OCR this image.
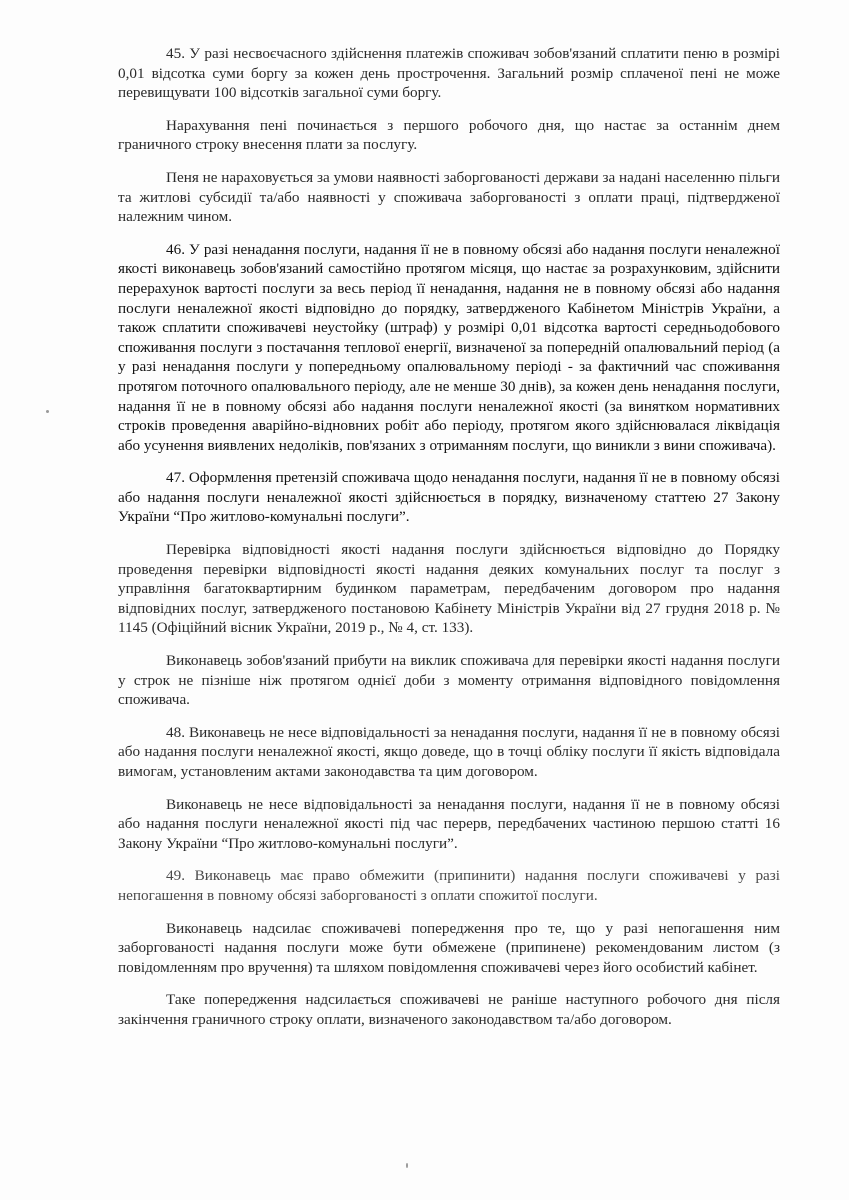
45. У разі несвоєчасного здійснення платежів споживач зобов'язаний сплатити пеню в розмірі 0,01 відсотка суми боргу за кожен день прострочення. Загальний розмір сплаченої пені не може перевищувати 100 відсотків загальної суми боргу.

Нарахування пені починається з першого робочого дня, що настає за останнім днем граничного строку внесення плати за послугу.

Пеня не нараховується за умови наявності заборгованості держави за надані населенню пільги та житлові субсидії та/або наявності у споживача заборгованості з оплати праці, підтвердженої належним чином.

46. У разі ненадання послуги, надання її не в повному обсязі або надання послуги неналежної якості виконавець зобов'язаний самостійно протягом місяця, що настає за розрахунковим, здійснити перерахунок вартості послуги за весь період її ненадання, надання не в повному обсязі або надання послуги неналежної якості відповідно до порядку, затвердженого Кабінетом Міністрів України, а також сплатити споживачеві неустойку (штраф) у розмірі 0,01 відсотка вартості середньодобового споживання послуги з постачання теплової енергії, визначеної за попередній опалювальний період (а у разі ненадання послуги у попередньому опалювальному періоді - за фактичний час споживання протягом поточного опалювального періоду, але не менше 30 днів), за кожен день ненадання послуги, надання її не в повному обсязі або надання послуги неналежної якості (за винятком нормативних строків проведення аварійно-відновних робіт або періоду, протягом якого здійснювалася ліквідація або усунення виявлених недоліків, пов'язаних з отриманням послуги, що виникли з вини споживача).

47. Оформлення претензій споживача щодо ненадання послуги, надання її не в повному обсязі або надання послуги неналежної якості здійснюється в порядку, визначеному статтею 27 Закону України “Про житлово-комунальні послуги”.

Перевірка відповідності якості надання послуги здійснюється відповідно до Порядку проведення перевірки відповідності якості надання деяких комунальних послуг та послуг з управління багатоквартирним будинком параметрам, передбаченим договором про надання відповідних послуг, затвердженого постановою Кабінету Міністрів України від 27 грудня 2018 р. № 1145 (Офіційний вісник України, 2019 р., № 4, ст. 133).

Виконавець зобов'язаний прибути на виклик споживача для перевірки якості надання послуги у строк не пізніше ніж протягом однієї доби з моменту отримання відповідного повідомлення споживача.

48. Виконавець не несе відповідальності за ненадання послуги, надання її не в повному обсязі або надання послуги неналежної якості, якщо доведе, що в точці обліку послуги її якість відповідала вимогам, установленим актами законодавства та цим договором.

Виконавець не несе відповідальності за ненадання послуги, надання її не в повному обсязі або надання послуги неналежної якості під час перерв, передбачених частиною першою статті 16 Закону України “Про житлово-комунальні послуги”.

49. Виконавець має право обмежити (припинити) надання послуги споживачеві у разі непогашення в повному обсязі заборгованості з оплати спожитої послуги.

Виконавець надсилає споживачеві попередження про те, що у разі непогашення ним заборгованості надання послуги може бути обмежене (припинене) рекомендованим листом (з повідомленням про вручення) та шляхом повідомлення споживачеві через його особистий кабінет.

Таке попередження надсилається споживачеві не раніше наступного робочого дня після закінчення граничного строку оплати, визначеного законодавством та/або договором.
